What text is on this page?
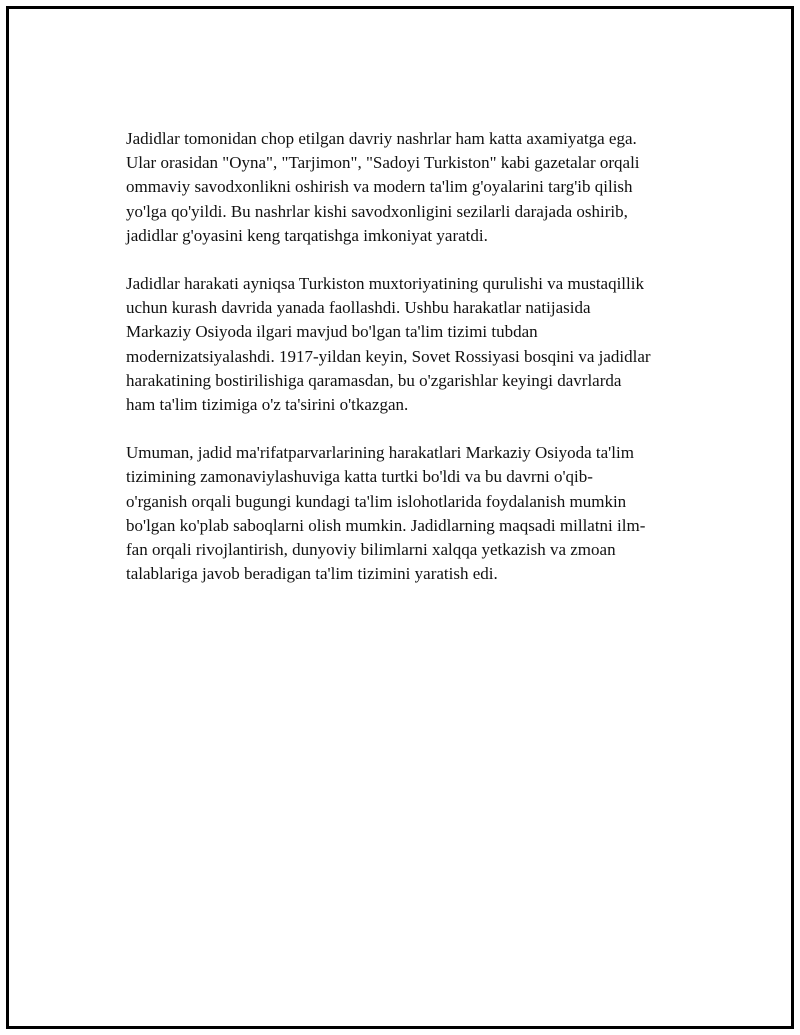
Jadidlar tomonidan chop etilgan davriy nashrlar ham katta axamiyatga ega.
Ular orasidan "Oyna", "Tarjimon", "Sadoyi Turkiston" kabi gazetalar orqali
ommaviy savodxonlikni oshirish va modern ta'lim g'oyalarini targ'ib qilish
yo'lga qo'yildi. Bu nashrlar kishi savodxonligini sezilarli darajada oshirib,
jadidlar g'oyasini keng tarqatishga imkoniyat yaratdi.

Jadidlar harakati ayniqsa Turkiston muxtoriyatining qurulishi va mustaqillik
uchun kurash davrida yanada faollashdi. Ushbu harakatlar natijasida
Markaziy Osiyoda ilgari mavjud bo'lgan ta'lim tizimi tubdan
modernizatsiyalashdi. 1917-yildan keyin, Sovet Rossiyasi bosqini va jadidlar
harakatining bostirilishiga qaramasdan, bu o'zgarishlar keyingi davrlarda
ham ta'lim tizimiga o'z ta'sirini o'tkazgan.

Umuman, jadid ma'rifatparvarlarining harakatlari Markaziy Osiyoda ta'lim
tizimining zamonaviylashuviga katta turtki bo'ldi va bu davrni o'qib-
o'rganish orqali bugungi kundagi ta'lim islohotlarida foydalanish mumkin
bo'lgan ko'plab saboqlarni olish mumkin. Jadidlarning maqsadi millatni ilm-
fan orqali rivojlantirish, dunyoviy bilimlarni xalqqa yetkazish va zmoan
talablariga javob beradigan ta'lim tizimini yaratish edi.
